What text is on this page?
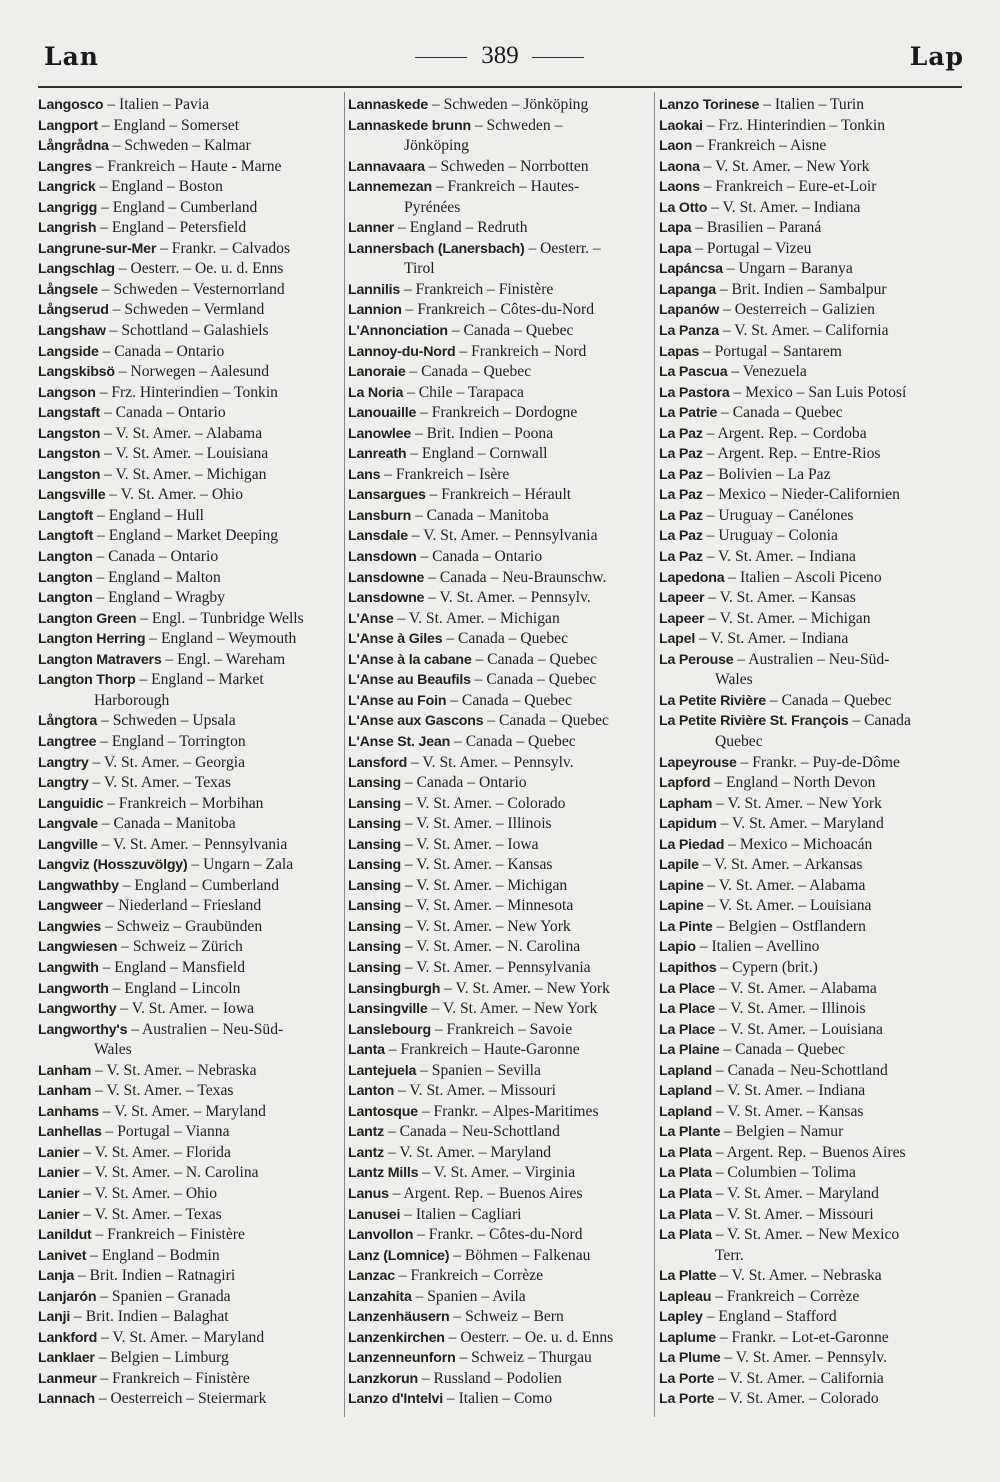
Lan	389	Lap
Langosco – Italien – Pavia
Langport – England – Somerset
Långrådna – Schweden – Kalmar
Langres – Frankreich – Haute - Marne
Langrick – England – Boston
Langrigg – England – Cumberland
Langrish – England – Petersfield
Langrune-sur-Mer – Frankr. – Calvados
Langschlag – Oesterr. – Oe. u. d. Enns
Långsele – Schweden – Vesternorrland
Långserud – Schweden – Vermland
Langshaw – Schottland – Galashiels
Langside – Canada – Ontario
Langskibsö – Norwegen – Aalesund
Langson – Frz. Hinterindien – Tonkin
Langstaft – Canada – Ontario
Langston – V. St. Amer. – Alabama
Langston – V. St. Amer. – Louisiana
Langston – V. St. Amer. – Michigan
Langsville – V. St. Amer. – Ohio
Langtoft – England – Hull
Langtoft – England – Market Deeping
Langton – Canada – Ontario
Langton – England – Malton
Langton – England – Wragby
Langton Green – Engl. – Tunbridge Wells
Langton Herring – England – Weymouth
Langton Matravers – Engl. – Wareham
Langton Thorp – England – Market
Harborough
Långtora – Schweden – Upsala
Langtree – England – Torrington
Langtry – V. St. Amer. – Georgia
Langtry – V. St. Amer. – Texas
Languidic – Frankreich – Morbihan
Langvale – Canada – Manitoba
Langville – V. St. Amer. – Pennsylvania
Langviz (Hosszuvölgy) – Ungarn – Zala
Langwathby – England – Cumberland
Langweer – Niederland – Friesland
Langwies – Schweiz – Graubünden
Langwiesen – Schweiz – Zürich
Langwith – England – Mansfield
Langworth – England – Lincoln
Langworthy – V. St. Amer. – Iowa
Langworthy's – Australien – Neu-Süd-
Wales
Lanham – V. St. Amer. – Nebraska
Lanham – V. St. Amer. – Texas
Lanhams – V. St. Amer. – Maryland
Lanhellas – Portugal – Vianna
Lanier – V. St. Amer. – Florida
Lanier – V. St. Amer. – N. Carolina
Lanier – V. St. Amer. – Ohio
Lanier – V. St. Amer. – Texas
Lanildut – Frankreich – Finistère
Lanivet – England – Bodmin
Lanja – Brit. Indien – Ratnagiri
Lanjarón – Spanien – Granada
Lanji – Brit. Indien – Balaghat
Lankford – V. St. Amer. – Maryland
Lanklaer – Belgien – Limburg
Lanmeur – Frankreich – Finistère
Lannach – Oesterreich – Steiermark
Lannaskede – Schweden – Jönköping
Lannaskede brunn – Schweden –
Jönköping
Lannavaara – Schweden – Norrbotten
Lannemezan – Frankreich – Hautes-
Pyrénées
Lanner – England – Redruth
Lannersbach (Lanersbach) – Oesterr. –
Tirol
Lannilis – Frankreich – Finistère
Lannion – Frankreich – Côtes-du-Nord
L'Annonciation – Canada – Quebec
Lannoy-du-Nord – Frankreich – Nord
Lanoraie – Canada – Quebec
La Noria – Chile – Tarapaca
Lanouaille – Frankreich – Dordogne
Lanowlee – Brit. Indien – Poona
Lanreath – England – Cornwall
Lans – Frankreich – Isère
Lansargues – Frankreich – Hérault
Lansburn – Canada – Manitoba
Lansdale – V. St. Amer. – Pennsylvania
Lansdown – Canada – Ontario
Lansdowne – Canada – Neu-Braunschw.
Lansdowne – V. St. Amer. – Pennsylv.
L'Anse – V. St. Amer. – Michigan
L'Anse à Giles – Canada – Quebec
L'Anse à la cabane – Canada – Quebec
L'Anse au Beaufils – Canada – Quebec
L'Anse au Foin – Canada – Quebec
L'Anse aux Gascons – Canada – Quebec
L'Anse St. Jean – Canada – Quebec
Lansford – V. St. Amer. – Pennsylv.
Lansing – Canada – Ontario
Lansing – V. St. Amer. – Colorado
Lansing – V. St. Amer. – Illinois
Lansing – V. St. Amer. – Iowa
Lansing – V. St. Amer. – Kansas
Lansing – V. St. Amer. – Michigan
Lansing – V. St. Amer. – Minnesota
Lansing – V. St. Amer. – New York
Lansing – V. St. Amer. – N. Carolina
Lansing – V. St. Amer. – Pennsylvania
Lansingburgh – V. St. Amer. – New York
Lansingville – V. St. Amer. – New York
Lanslebourg – Frankreich – Savoie
Lanta – Frankreich – Haute-Garonne
Lantejuela – Spanien – Sevilla
Lanton – V. St. Amer. – Missouri
Lantosque – Frankr. – Alpes-Maritimes
Lantz – Canada – Neu-Schottland
Lantz – V. St. Amer. – Maryland
Lantz Mills – V. St. Amer. – Virginia
Lanus – Argent. Rep. – Buenos Aires
Lanusei – Italien – Cagliari
Lanvollon – Frankr. – Côtes-du-Nord
Lanz (Lomnice) – Böhmen – Falkenau
Lanzac – Frankreich – Corrèze
Lanzahita – Spanien – Avila
Lanzenhäusern – Schweiz – Bern
Lanzenkirchen – Oesterr. – Oe. u. d. Enns
Lanzenneunforn – Schweiz – Thurgau
Lanzkorun – Russland – Podolien
Lanzo d'Intelvi – Italien – Como
Lanzo Torinese – Italien – Turin
Laokai – Frz. Hinterindien – Tonkin
Laon – Frankreich – Aisne
Laona – V. St. Amer. – New York
Laons – Frankreich – Eure-et-Loir
La Otto – V. St. Amer. – Indiana
Lapa – Brasilien – Paraná
Lapa – Portugal – Vizeu
Lapáncsa – Ungarn – Baranya
Lapanga – Brit. Indien – Sambalpur
Lapanów – Oesterreich – Galizien
La Panza – V. St. Amer. – California
Lapas – Portugal – Santarem
La Pascua – Venezuela
La Pastora – Mexico – San Luis Potosí
La Patrie – Canada – Quebec
La Paz – Argent. Rep. – Cordoba
La Paz – Argent. Rep. – Entre-Rios
La Paz – Bolivien – La Paz
La Paz – Mexico – Nieder-Californien
La Paz – Uruguay – Canélones
La Paz – Uruguay – Colonia
La Paz – V. St. Amer. – Indiana
Lapedona – Italien – Ascoli Piceno
Lapeer – V. St. Amer. – Kansas
Lapeer – V. St. Amer. – Michigan
Lapel – V. St. Amer. – Indiana
La Perouse – Australien – Neu-Süd-
Wales
La Petite Rivière – Canada – Quebec
La Petite Rivière St. François – Canada
Quebec
Lapeyrouse – Frankr. – Puy-de-Dôme
Lapford – England – North Devon
Lapham – V. St. Amer. – New York
Lapidum – V. St. Amer. – Maryland
La Piedad – Mexico – Michoacán
Lapile – V. St. Amer. – Arkansas
Lapine – V. St. Amer. – Alabama
Lapine – V. St. Amer. – Louisiana
La Pinte – Belgien – Ostflandern
Lapio – Italien – Avellino
Lapithos – Cypern (brit.)
La Place – V. St. Amer. – Alabama
La Place – V. St. Amer. – Illinois
La Place – V. St. Amer. – Louisiana
La Plaine – Canada – Quebec
Lapland – Canada – Neu-Schottland
Lapland – V. St. Amer. – Indiana
Lapland – V. St. Amer. – Kansas
La Plante – Belgien – Namur
La Plata – Argent. Rep. – Buenos Aires
La Plata – Columbien – Tolima
La Plata – V. St. Amer. – Maryland
La Plata – V. St. Amer. – Missouri
La Plata – V. St. Amer. – New Mexico
Terr.
La Platte – V. St. Amer. – Nebraska
Lapleau – Frankreich – Corrèze
Lapley – England – Stafford
Laplume – Frankr. – Lot-et-Garonne
La Plume – V. St. Amer. – Pennsylv.
La Porte – V. St. Amer. – California
La Porte – V. St. Amer. – Colorado
